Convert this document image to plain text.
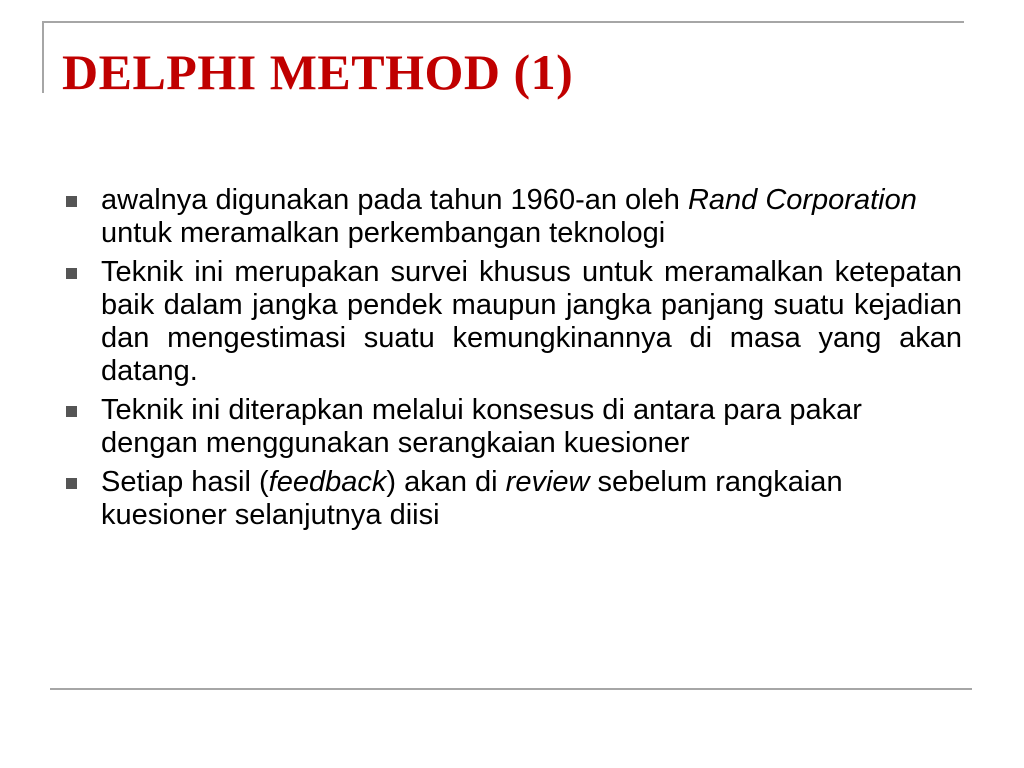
DELPHI METHOD (1)
awalnya digunakan pada tahun 1960-an oleh Rand Corporation untuk meramalkan perkembangan teknologi
Teknik ini merupakan survei khusus untuk meramalkan ketepatan baik dalam jangka pendek maupun jangka panjang suatu kejadian dan mengestimasi suatu kemungkinannya di masa yang akan datang.
Teknik ini diterapkan melalui konsesus di antara para pakar dengan menggunakan serangkaian kuesioner
Setiap hasil (feedback) akan di review sebelum rangkaian kuesioner selanjutnya diisi
